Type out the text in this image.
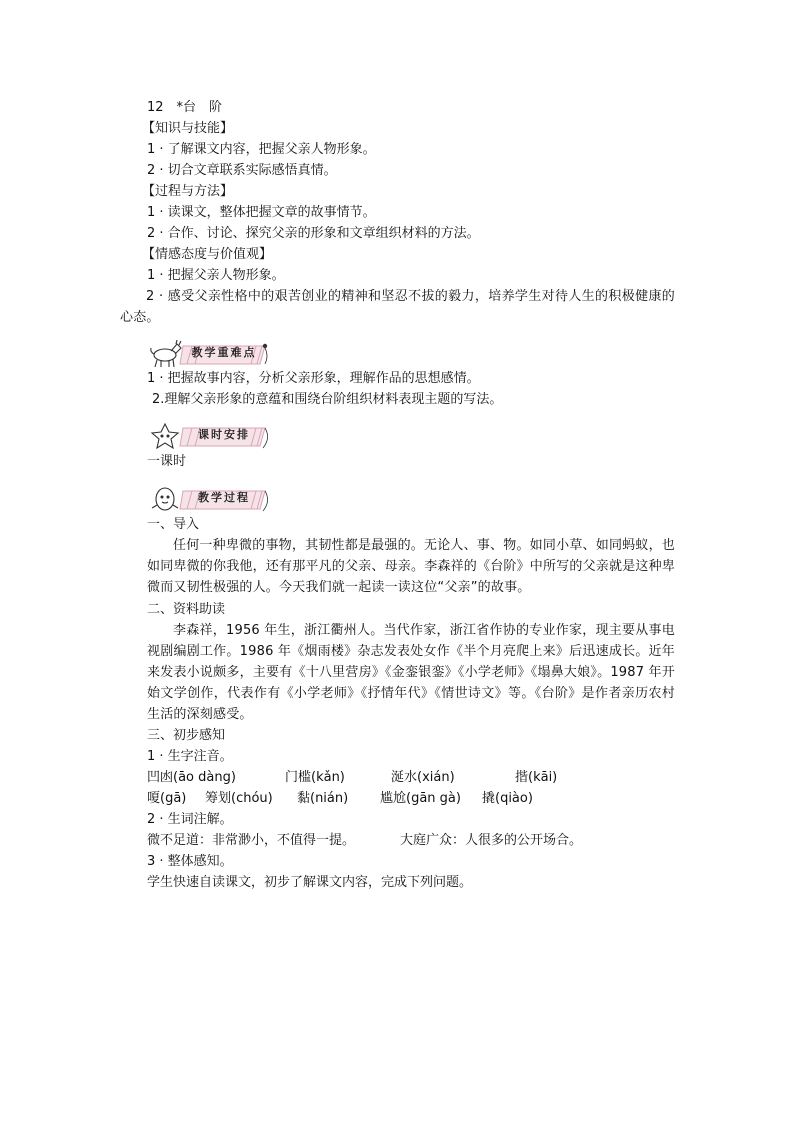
12　*台　阶
【知识与技能】
1 · 了解课文内容，把握父亲人物形象。
2 · 切合文章联系实际感悟真情。
【过程与方法】
1 · 读课文，整体把握文章的故事情节。
2 · 合作、讨论、探究父亲的形象和文章组织材料的方法。
【情感态度与价值观】
1 · 把握父亲人物形象。
2 · 感受父亲性格中的艰苦创业的精神和坚忍不拔的毅力，培养学生对待人生的积极健康的心态。
教学重难点
1 · 把握故事内容，分析父亲形象，理解作品的思想感情。
2.理解父亲形象的意蕴和围绕台阶组织材料表现主题的写法。
课时安排
一课时
教学过程
一、导入
任何一种卑微的事物，其韧性都是最强的。无论人、事、物。如同小草、如同蚂蚁，也如同卑微的你我他，还有那平凡的父亲、母亲。李森祥的《台阶》中所写的父亲就是这种卑微而又韧性极强的人。今天我们就一起读一读这位“父亲”的故事。
二、资料助读
李森祥，1956 年生，浙江衢州人。当代作家，浙江省作协的专业作家，现主要从事电视剧编剧工作。1986 年《烟雨楼》杂志发表处女作《半个月亮爬上来》后迅速成长。近年来发表小说颇多，主要有《十八里营房》《金銮银銮》《小学老师》《塌鼻大娘》。1987 年开始文学创作，代表作有《小学老师》《抒情年代》《情世诗文》等。《台阶》是作者亲历农村生活的深刻感受。
三、初步感知
1 · 生字注音。
凹凼(āo dàng)	门槛(kǎn)	涎水(xián)	揩(kāi)
嗄(gā) 筹划(chóu) 黏(nián) 尴尬(gān gà) 撬(qiào)
2 · 生词注解。
微不足道：非常渺小，不值得一提。	大庭广众：人很多的公开场合。
3 · 整体感知。
学生快速自读课文，初步了解课文内容，完成下列问题。
